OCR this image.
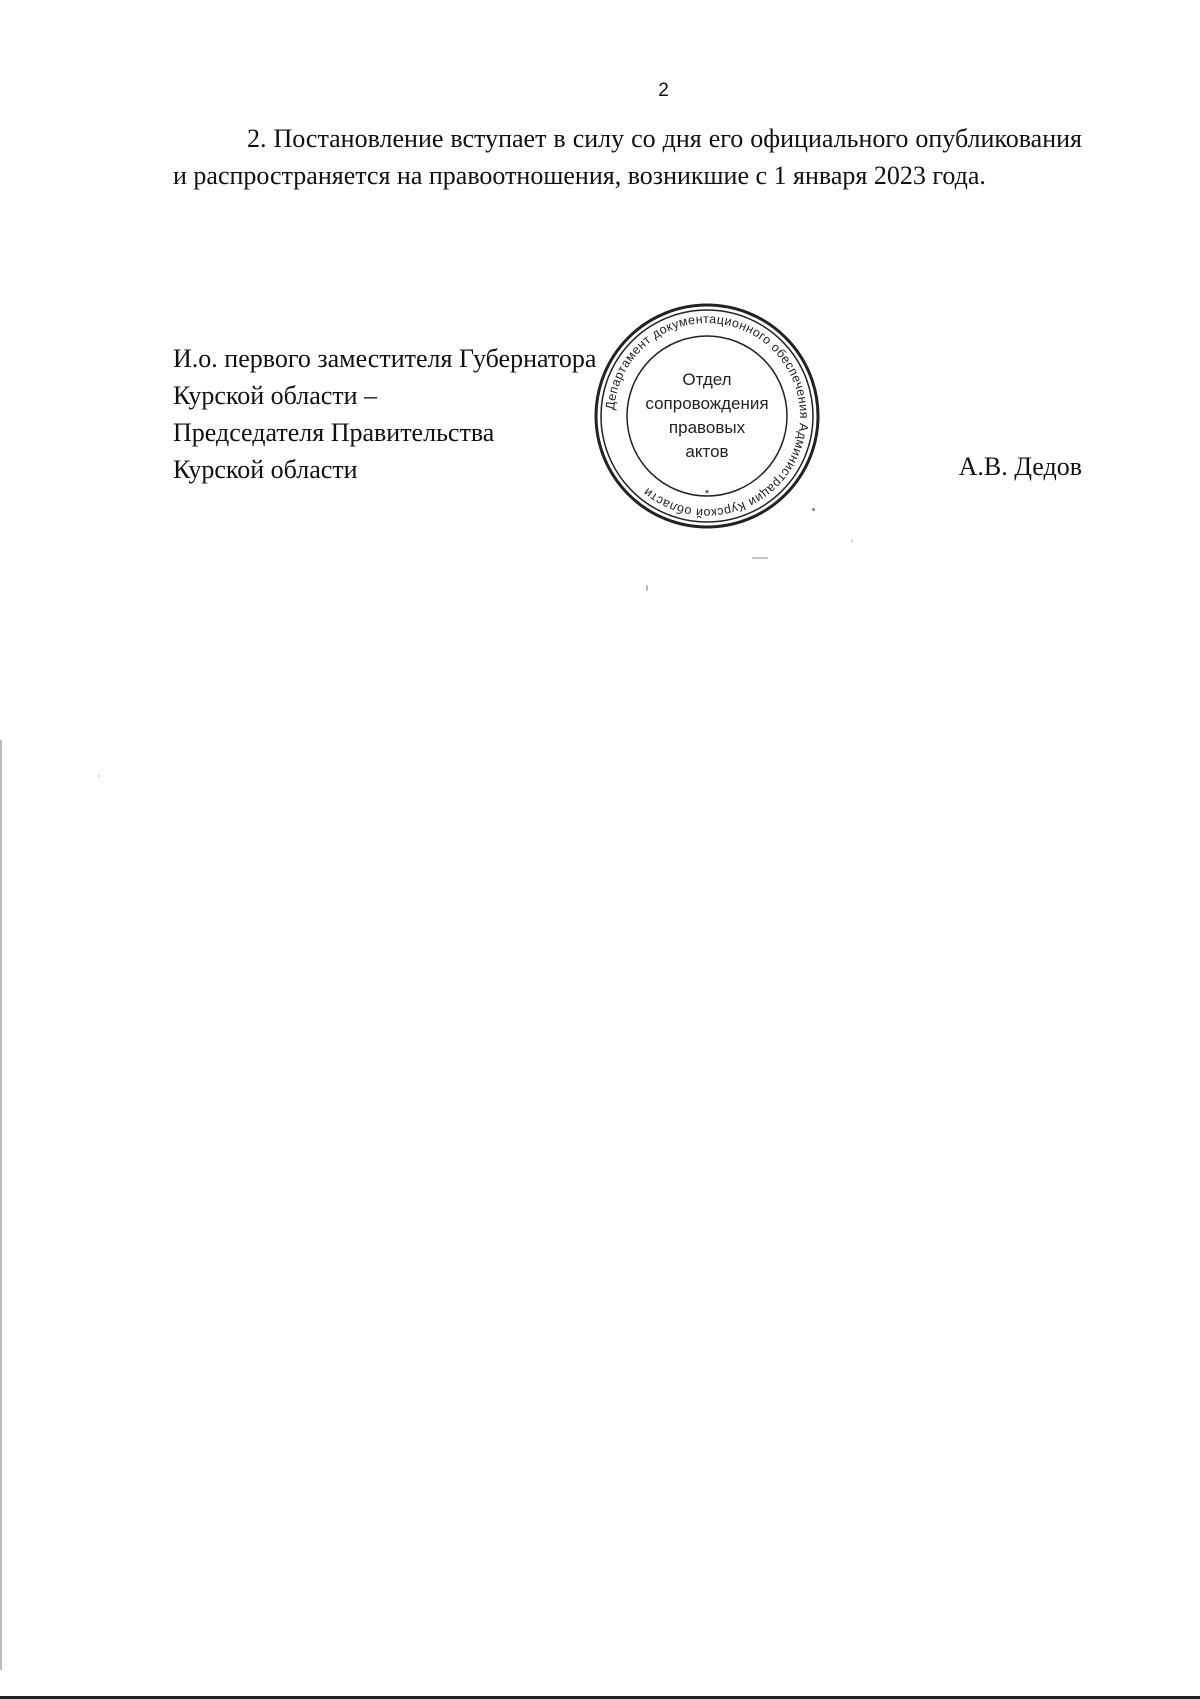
2

2. Постановление вступает в силу со дня его официального опубликования и распространяется на правоотношения, возникшие с 1 января 2023 года.

И.о. первого заместителя Губернатора
Курской области –
Председателя Правительства
Курской области	А.В. Дедов
Департамент документационного обеспечения Администрации Курской области	*
Отдел
сопровождения
правовых
актов
